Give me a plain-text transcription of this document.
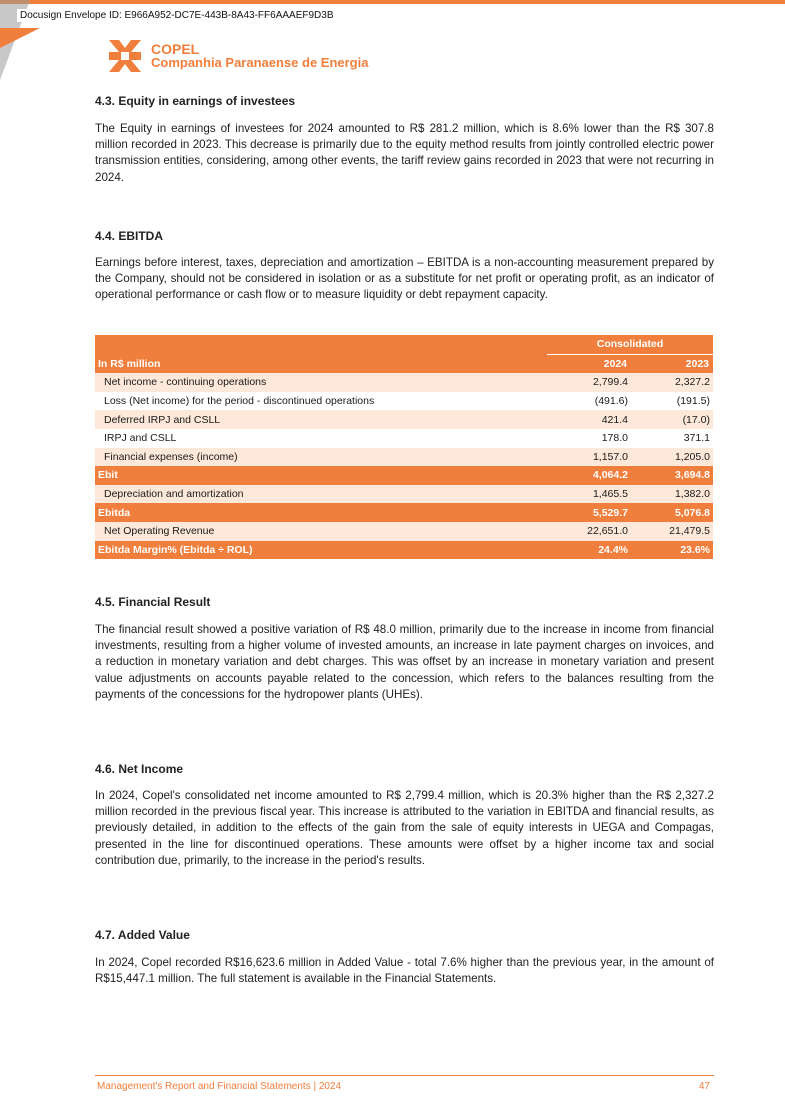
Docusign Envelope ID: E966A952-DC7E-443B-8A43-FF6AAAEF9D3B
COPEL
Companhia Paranaense de Energia
4.3. Equity in earnings of investees

The Equity in earnings of investees for 2024 amounted to R$ 281.2 million, which is 8.6% lower than the R$ 307.8 million recorded in 2023. This decrease is primarily due to the equity method results from jointly controlled electric power transmission entities, considering, among other events, the tariff review gains recorded in 2023 that were not recurring in 2024.

4.4. EBITDA

Earnings before interest, taxes, depreciation and amortization – EBITDA is a non-accounting measurement prepared by the Company, should not be considered in isolation or as a substitute for net profit or operating profit, as an indicator of operational performance or cash flow or to measure liquidity or debt repayment capacity.

	Consolidated	
In R$ million	2024	2023
Net income - continuing operations	2,799.4	2,327.2
Loss (Net income) for the period - discontinued operations	(491.6)	(191.5)
Deferred IRPJ and CSLL	421.4	(17.0)
IRPJ and CSLL	178.0	371.1
Financial expenses (income)	1,157.0	1,205.0
Ebit	4,064.2	3,694.8
Depreciation and amortization	1,465.5	1,382.0
Ebitda	5,529.7	5,076.8
Net Operating Revenue	22,651.0	21,479.5
Ebitda Margin% (Ebitda ÷ ROL)	24.4%	23.6%
4.5. Financial Result

The financial result showed a positive variation of R$ 48.0 million, primarily due to the increase in income from financial investments, resulting from a higher volume of invested amounts, an increase in late payment charges on invoices, and a reduction in monetary variation and debt charges. This was offset by an increase in monetary variation and present value adjustments on accounts payable related to the concession, which refers to the balances resulting from the payments of the concessions for the hydropower plants (UHEs).

4.6. Net Income

In 2024, Copel's consolidated net income amounted to R$ 2,799.4 million, which is 20.3% higher than the R$ 2,327.2 million recorded in the previous fiscal year. This increase is attributed to the variation in EBITDA and financial results, as previously detailed, in addition to the effects of the gain from the sale of equity interests in UEGA and Compagas, presented in the line for discontinued operations. These amounts were offset by a higher income tax and social contribution due, primarily, to the increase in the period's results.

4.7. Added Value

In 2024, Copel recorded R$16,623.6 million in Added Value - total 7.6% higher than the previous year, in the amount of R$15,447.1 million. The full statement is available in the Financial Statements.

Management's Report and Financial Statements | 2024	47
